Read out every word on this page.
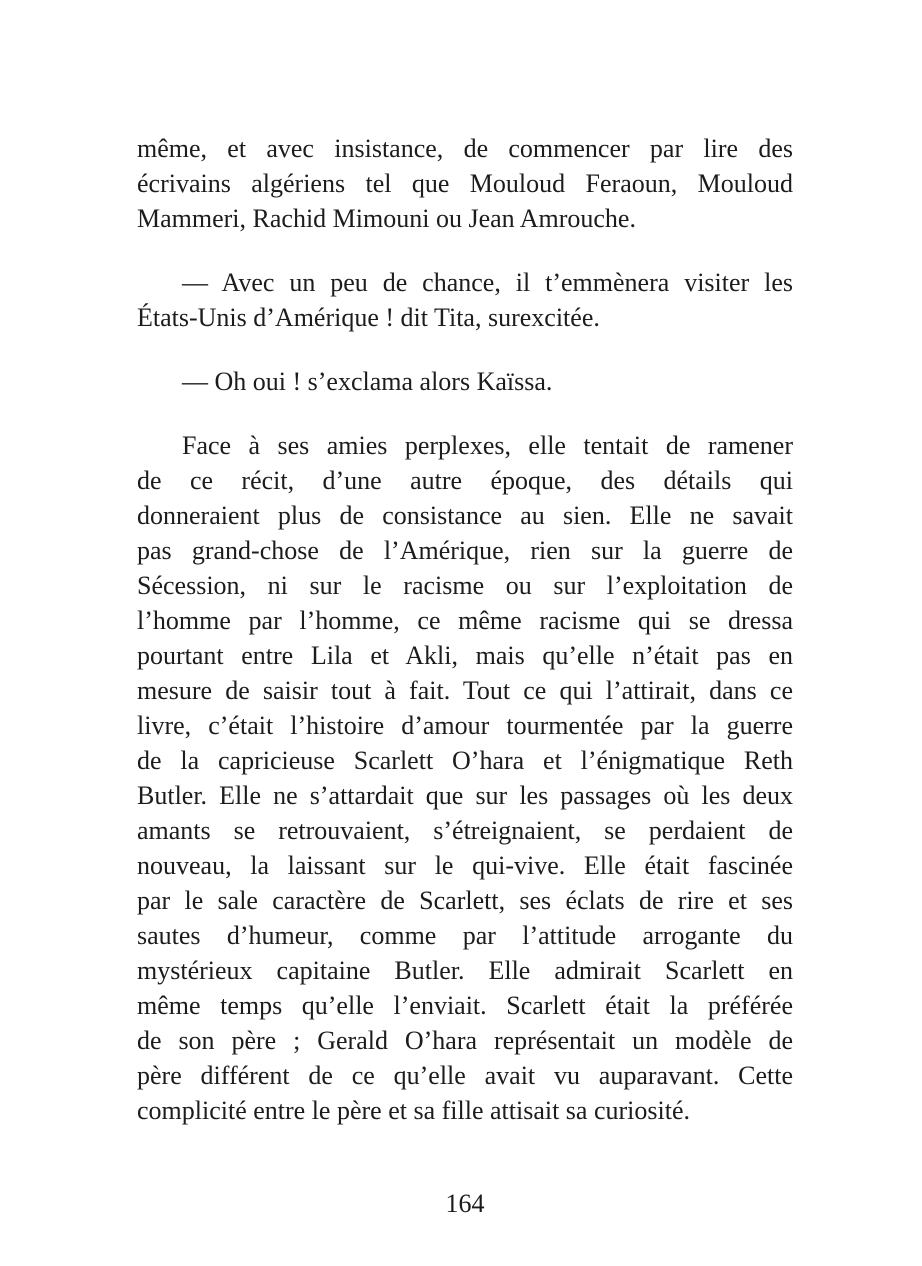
même, et avec insistance, de commencer par lire des
écrivains algériens tel que Mouloud Feraoun, Mouloud
Mammeri, Rachid Mimouni ou Jean Amrouche.

— Avec un peu de chance, il t’emmènera visiter les
États-Unis d’Amérique ! dit Tita, surexcitée.

— Oh oui ! s’exclama alors Kaïssa.

Face à ses amies perplexes, elle tentait de ramener
de ce récit, d’une autre époque, des détails qui
donneraient plus de consistance au sien. Elle ne savait
pas grand-chose de l’Amérique, rien sur la guerre de
Sécession, ni sur le racisme ou sur l’exploitation de
l’homme par l’homme, ce même racisme qui se dressa
pourtant entre Lila et Akli, mais qu’elle n’était pas en
mesure de saisir tout à fait. Tout ce qui l’attirait, dans ce
livre, c’était l’histoire d’amour tourmentée par la guerre
de la capricieuse Scarlett O’hara et l’énigmatique Reth
Butler. Elle ne s’attardait que sur les passages où les deux
amants se retrouvaient, s’étreignaient, se perdaient de
nouveau, la laissant sur le qui-vive. Elle était fascinée
par le sale caractère de Scarlett, ses éclats de rire et ses
sautes d’humeur, comme par l’attitude arrogante du
mystérieux capitaine Butler. Elle admirait Scarlett en
même temps qu’elle l’enviait. Scarlett était la préférée
de son père ; Gerald O’hara représentait un modèle de
père différent de ce qu’elle avait vu auparavant. Cette
complicité entre le père et sa fille attisait sa curiosité.

164
